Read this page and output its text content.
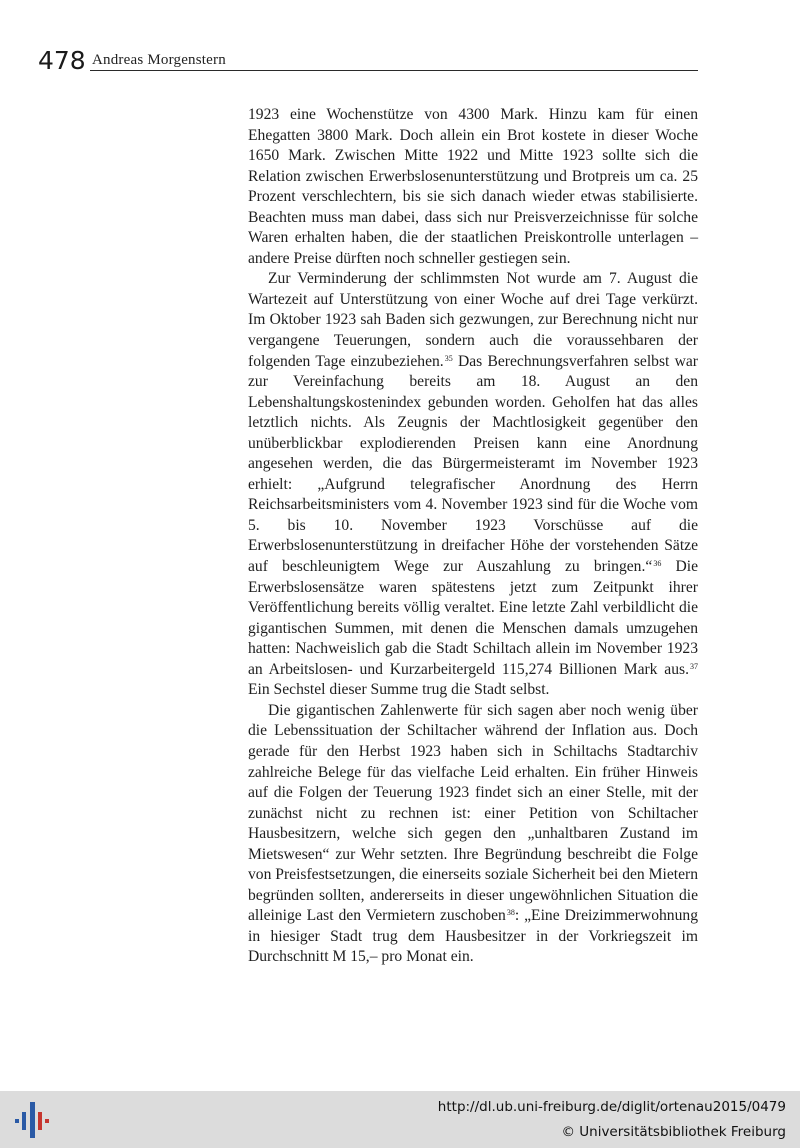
478 Andreas Morgenstern

1923 eine Wochenstütze von 4300 Mark. Hinzu kam für einen Ehegatten 3800 Mark. Doch allein ein Brot kostete in dieser Woche 1650 Mark. Zwischen Mitte 1922 und Mitte 1923 sollte sich die Relation zwischen Erwerbslosenunterstützung und Brotpreis um ca. 25 Prozent verschlechtern, bis sie sich danach wieder etwas stabilisierte. Beachten muss man dabei, dass sich nur Preisverzeichnisse für solche Waren erhalten haben, die der staatlichen Preiskontrolle unterlagen – andere Preise dürften noch schneller gestiegen sein.

Zur Verminderung der schlimmsten Not wurde am 7. August die Wartezeit auf Unterstützung von einer Woche auf drei Tage verkürzt. Im Oktober 1923 sah Baden sich gezwungen, zur Berechnung nicht nur vergangene Teuerungen, sondern auch die voraussehbaren der folgenden Tage einzubeziehen.$^{35}$ Das Berechnungsverfahren selbst war zur Vereinfachung bereits am 18. August an den Lebenshaltungskostenindex gebunden worden. Geholfen hat das alles letztlich nichts. Als Zeugnis der Machtlosigkeit gegenüber den unüberblickbar explodierenden Preisen kann eine Anordnung angesehen werden, die das Bürgermeisteramt im November 1923 erhielt: „Aufgrund telegrafischer Anordnung des Herrn Reichsarbeitsministers vom 4. November 1923 sind für die Woche vom 5. bis 10. November 1923 Vorschüsse auf die Erwerbslosenunterstützung in dreifacher Höhe der vorstehenden Sätze auf beschleunigtem Wege zur Auszahlung zu bringen.“$^{36}$ Die Erwerbslosensätze waren spätestens jetzt zum Zeitpunkt ihrer Veröffentlichung bereits völlig veraltet. Eine letzte Zahl verbildlicht die gigantischen Summen, mit denen die Menschen damals umzugehen hatten: Nachweislich gab die Stadt Schiltach allein im November 1923 an Arbeitslosen- und Kurzarbeitergeld 115,274 Billionen Mark aus.$^{37}$ Ein Sechstel dieser Summe trug die Stadt selbst.

Die gigantischen Zahlenwerte für sich sagen aber noch wenig über die Lebenssituation der Schiltacher während der Inflation aus. Doch gerade für den Herbst 1923 haben sich in Schiltachs Stadtarchiv zahlreiche Belege für das vielfache Leid erhalten. Ein früher Hinweis auf die Folgen der Teuerung 1923 findet sich an einer Stelle, mit der zunächst nicht zu rechnen ist: einer Petition von Schiltacher Hausbesitzern, welche sich gegen den „unhaltbaren Zustand im Mietswesen“ zur Wehr setzten. Ihre Begründung beschreibt die Folge von Preisfestsetzungen, die einerseits soziale Sicherheit bei den Mietern begründen sollten, andererseits in dieser ungewöhnlichen Situation die alleinige Last den Vermietern zuschoben$^{38}$: „Eine Dreizimmerwohnung in hiesiger Stadt trug dem Hausbesitzer in der Vorkriegszeit im Durchschnitt M 15,– pro Monat ein.

http://dl.ub.uni-freiburg.de/diglit/ortenau2015/0479
© Universitätsbibliothek Freiburg
